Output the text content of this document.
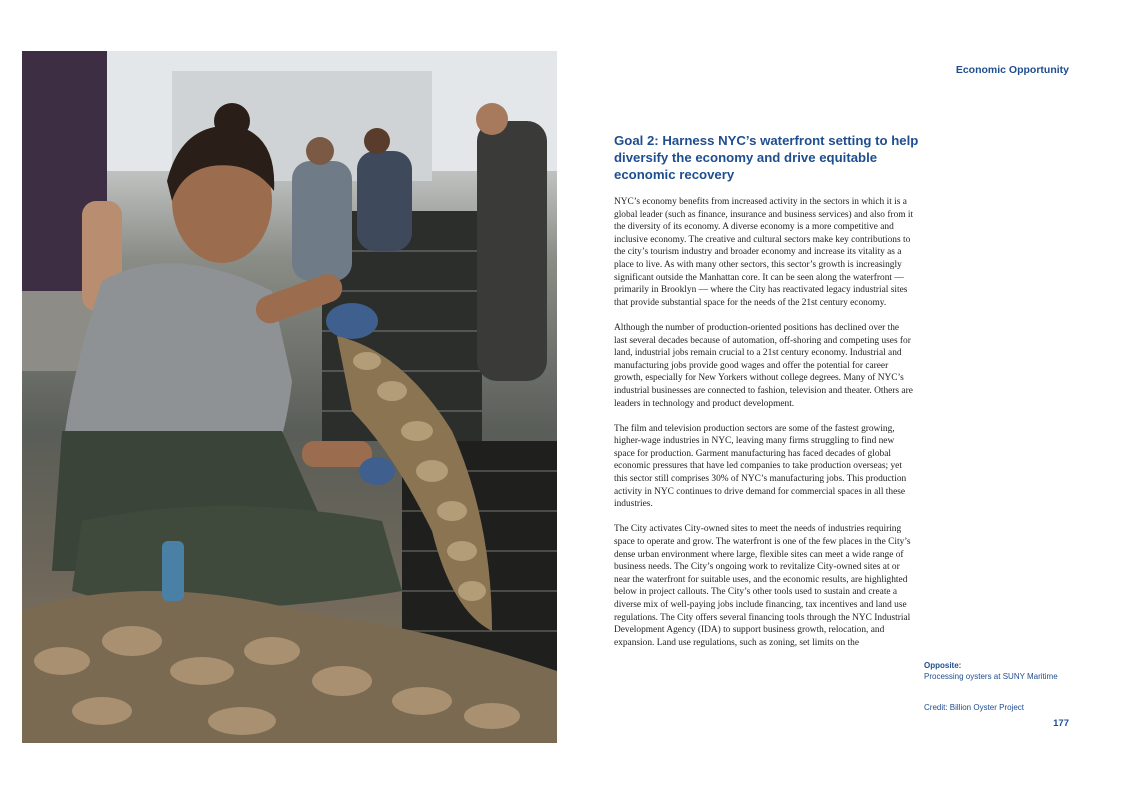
Economic Opportunity
Goal 2: Harness NYC’s waterfront setting to help diversify the economy and drive equitable economic recovery

NYC’s economy benefits from increased activity in the sectors in which it is a global leader (such as finance, insurance and business services) and also from it the diversity of its economy. A diverse economy is a more competitive and inclusive economy. The creative and cultural sectors make key contributions to the city’s tourism industry and broader economy and increase its vitality as a place to live. As with many other sectors, this sector’s growth is increasingly significant outside the Manhattan core. It can be seen along the waterfront — primarily in Brooklyn — where the City has reactivated legacy industrial sites that provide substantial space for the needs of the 21st century economy.

Although the number of production-oriented positions has declined over the last several decades because of automation, off-shoring and competing uses for land, industrial jobs remain crucial to a 21st century economy. Industrial and manufacturing jobs provide good wages and offer the potential for career growth, especially for New Yorkers without college degrees. Many of NYC’s industrial businesses are connected to fashion, television and theater. Others are leaders in technology and product development.

The film and television production sectors are some of the fastest growing, higher-wage industries in NYC, leaving many firms struggling to find new space for production. Garment manufacturing has faced decades of global economic pressures that have led companies to take production overseas; yet this sector still comprises 30% of NYC’s manufacturing jobs. This production activity in NYC continues to drive demand for commercial spaces in all these industries.

The City activates City-owned sites to meet the needs of industries requiring space to operate and grow. The waterfront is one of the few places in the City’s dense urban environment where large, flexible sites can meet a wide range of business needs. The City’s ongoing work to revitalize City-owned sites at or near the waterfront for suitable uses, and the economic results, are highlighted below in project callouts. The City’s other tools used to sustain and create a diverse mix of well-paying jobs include financing, tax incentives and land use regulations. The City offers several financing tools through the NYC Industrial Development Agency (IDA) to support business growth, relocation, and expansion. Land use regulations, such as zoning, set limits on the

Opposite:
Processing oysters at SUNY Maritime
Credit: Billion Oyster Project
177
